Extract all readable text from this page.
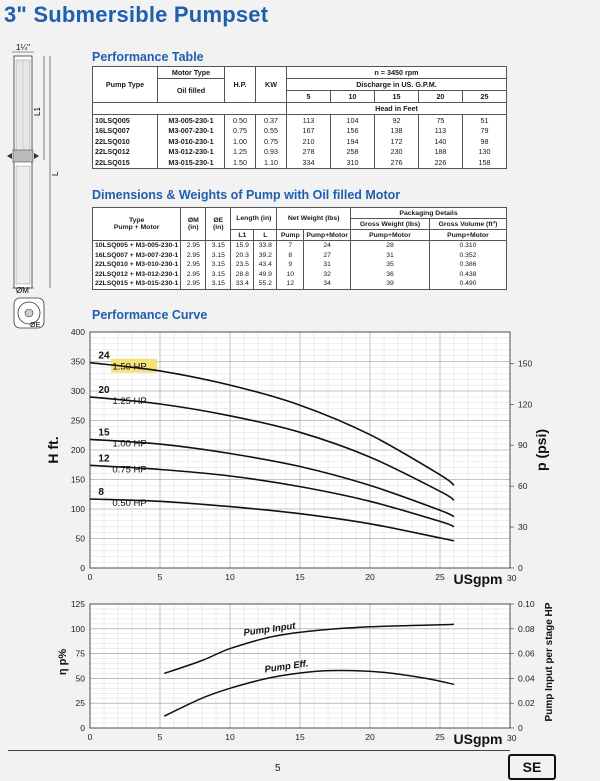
3" Submersible Pumpset
1¼"
L1
L
ØM
ØE
Performance Table
Pump Type	Motor Type	H.P.	KW	n = 3450 rpm				
	Oil filled			Discharge in US. G.P.M.				
				5	10	15	20	25
				Head in Feet				
10LSQ005	M3-005-230-1	0.50	0.37	113	104	92	75	51
16LSQ007	M3-007-230-1	0.75	0.55	167	156	138	113	79
22LSQ010	M3-010-230-1	1.00	0.75	210	194	172	140	98
22LSQ012	M3-012-230-1	1.25	0.93	278	258	230	188	130
22LSQ015	M3-015-230-1	1.50	1.10	334	310	276	226	158
Dimensions & Weights of Pump with Oil filled Motor
Type
Pump + Motor	ØM
(in)	ØE
(in)	Length (in)		Net Weight (lbs)		Packaging Details	
							Gross Weight (lbs)	Gross Volume (ft³)
			L1	L	Pump	Pump+Motor	Pump+Motor	Pump+Motor
10LSQ005 + M3-005-230-1	2.95	3.15	15.9	33.8	7	24	28	0.310
16LSQ007 + M3-007-230-1	2.95	3.15	20.3	39.2	8	27	31	0.352
22LSQ010 + M3-010-230-1	2.95	3.15	23.5	43.4	9	31	35	0.386
22LSQ012 + M3-012-230-1	2.95	3.15	28.8	49.9	10	32	36	0.438
22LSQ015 + M3-015-230-1	2.95	3.15	33.4	55.2	12	34	39	0.490
Performance Curve
0
50
100
150
200
250
300
350
400
0	5	10	15	20	25
0
30
60
90
120
150
USgpm 30
H ft.	p (psi)
8
0.50 HP
12
0.75 HP
15
1.00 HP
20
1.25 HP
24
1.50 HP
0
25
50
75
100
125
0	5	10	15	20	25
0
0.02
0.04
0.06
0.08
0.10
USgpm 30
η p%	Pump Input per stage HP
Pump Input
Pump Eff.
5	SE
